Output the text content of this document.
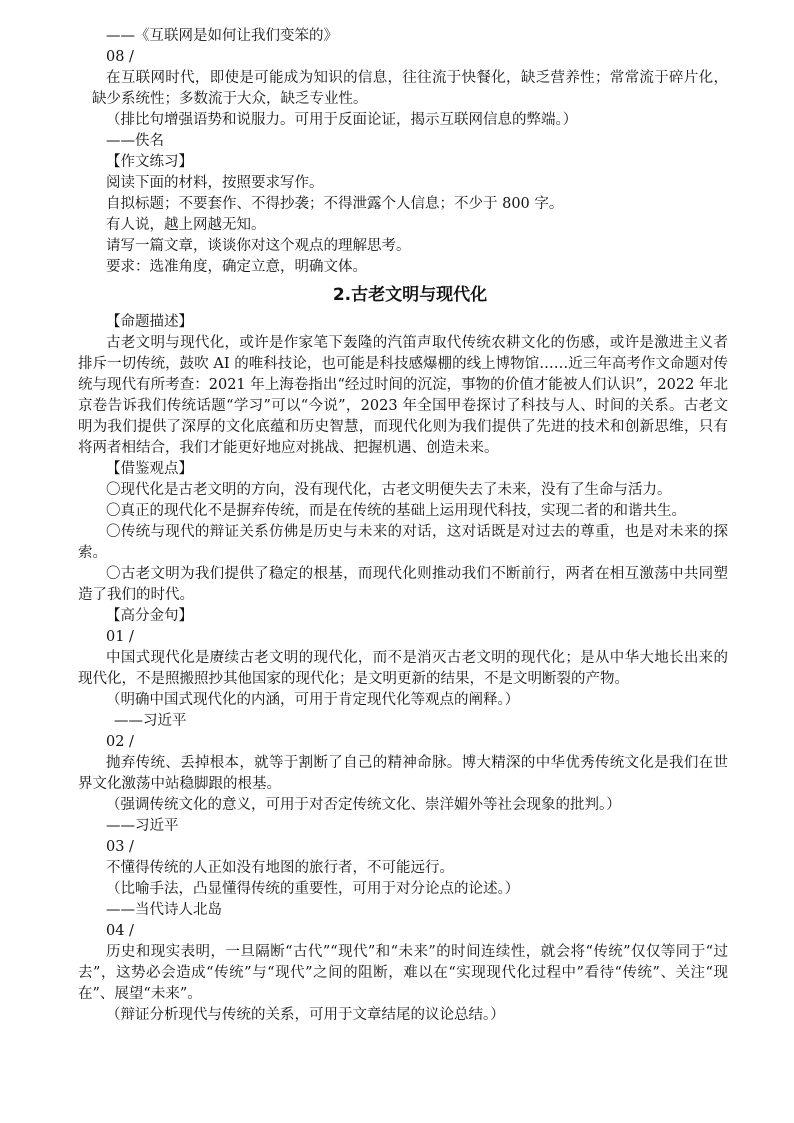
——《互联网是如何让我们变笨的》
08 /

在互联网时代，即使是可能成为知识的信息，往往流于快餐化，缺乏营养性；常常流于碎片化，缺少系统性；多数流于大众，缺乏专业性。

（排比句增强语势和说服力。可用于反面论证，揭示互联网信息的弊端。）
——佚名
【作文练习】
阅读下面的材料，按照要求写作。
自拟标题；不要套作、不得抄袭；不得泄露个人信息；不少于 800 字。
有人说，越上网越无知。
请写一篇文章，谈谈你对这个观点的理解思考。
要求：选准角度，确定立意，明确文体。
2.古老文明与现代化
【命题描述】

古老文明与现代化，或许是作家笔下轰隆的汽笛声取代传统农耕文化的伤感，或许是激进主义者排斥一切传统，鼓吹 AI 的唯科技论，也可能是科技感爆棚的线上博物馆……近三年高考作文命题对传统与现代有所考查：2021 年上海卷指出“经过时间的沉淀，事物的价值才能被人们认识”，2022 年北京卷告诉我们传统话题“学习”可以“今说”，2023 年全国甲卷探讨了科技与人、时间的关系。古老文明为我们提供了深厚的文化底蕴和历史智慧，而现代化则为我们提供了先进的技术和创新思维，只有将两者相结合，我们才能更好地应对挑战、把握机遇、创造未来。

【借鉴观点】

〇现代化是古老文明的方向，没有现代化，古老文明便失去了未来，没有了生命与活力。

〇真正的现代化不是摒弃传统，而是在传统的基础上运用现代科技，实现二者的和谐共生。

〇传统与现代的辩证关系仿佛是历史与未来的对话，这对话既是对过去的尊重，也是对未来的探索。

〇古老文明为我们提供了稳定的根基，而现代化则推动我们不断前行，两者在相互激荡中共同塑造了我们的时代。

【高分金句】
01 /

中国式现代化是赓续古老文明的现代化，而不是消灭古老文明的现代化；是从中华大地长出来的现代化，不是照搬照抄其他国家的现代化；是文明更新的结果，不是文明断裂的产物。

（明确中国式现代化的内涵，可用于肯定现代化等观点的阐释。）
——习近平
02 /

抛弃传统、丢掉根本，就等于割断了自己的精神命脉。博大精深的中华优秀传统文化是我们在世界文化激荡中站稳脚跟的根基。

（强调传统文化的意义，可用于对否定传统文化、崇洋媚外等社会现象的批判。）
——习近平
03 /

不懂得传统的人正如没有地图的旅行者，不可能远行。

（比喻手法，凸显懂得传统的重要性，可用于对分论点的论述。）
——当代诗人北岛
04 /

历史和现实表明，一旦隔断“古代”“现代”和“未来”的时间连续性，就会将“传统”仅仅等同于“过去”，这势必会造成“传统”与“现代”之间的阻断，难以在“实现现代化过程中”看待“传统”、关注“现在”、展望“未来”。

（辩证分析现代与传统的关系，可用于文章结尾的议论总结。）
